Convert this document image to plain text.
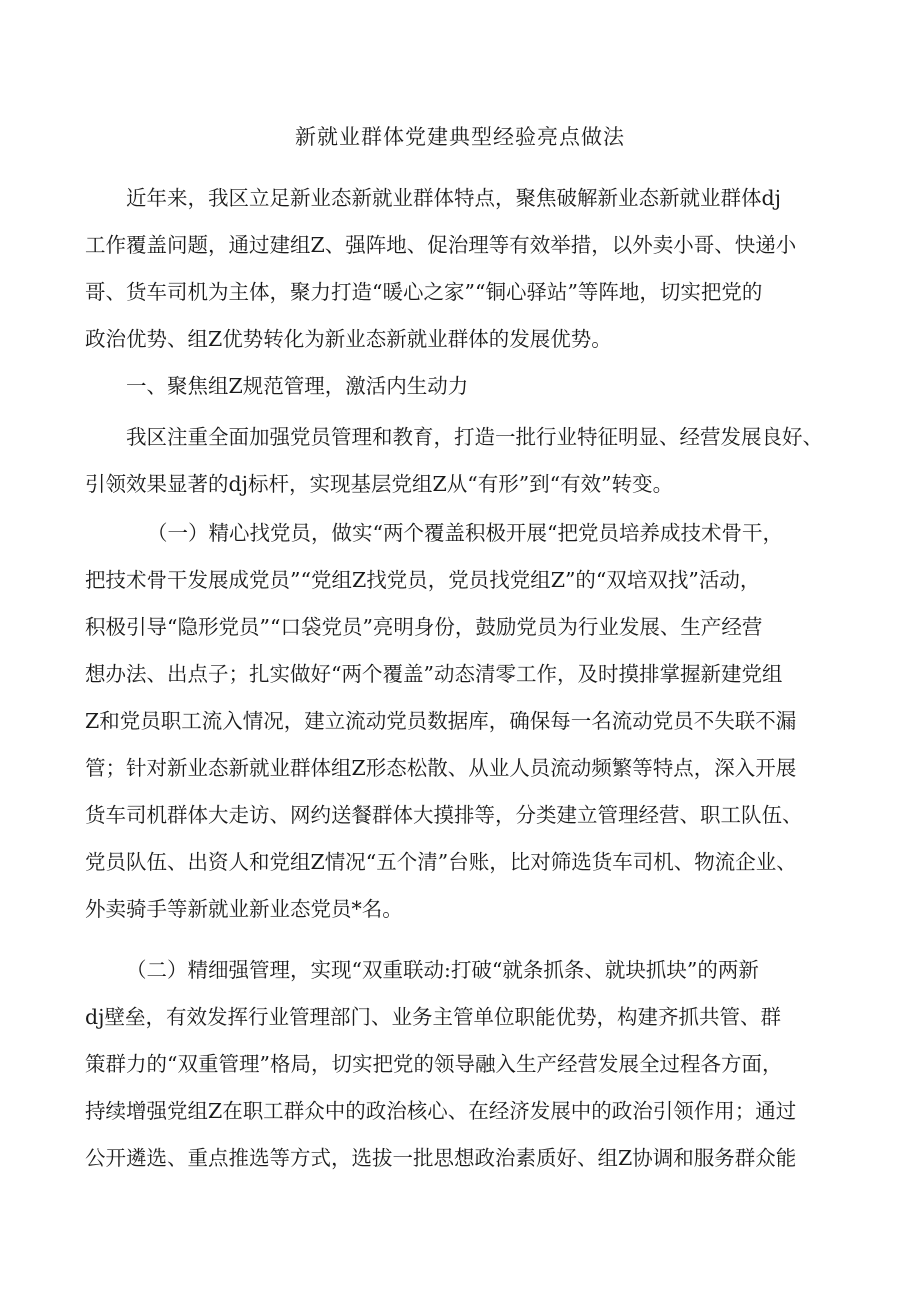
新就业群体党建典型经验亮点做法
近年来，我区立足新业态新就业群体特点，聚焦破解新业态新就业群体dj
工作覆盖问题，通过建组Z、强阵地、促治理等有效举措，以外卖小哥、快递小
哥、货车司机为主体，聚力打造“暖心之家”“铜心驿站”等阵地，切实把党的
政治优势、组Z优势转化为新业态新就业群体的发展优势。
一、聚焦组Z规范管理，激活内生动力
我区注重全面加强党员管理和教育，打造一批行业特征明显、经营发展良好、
引领效果显著的dj标杆，实现基层党组Z从“有形”到“有效”转变。
（一）精心找党员，做实“两个覆盖积极开展“把党员培养成技术骨干，
把技术骨干发展成党员”“党组Z找党员，党员找党组Z”的“双培双找”活动，
积极引导“隐形党员”“口袋党员”亮明身份，鼓励党员为行业发展、生产经营
想办法、出点子；扎实做好“两个覆盖”动态清零工作，及时摸排掌握新建党组
Z和党员职工流入情况，建立流动党员数据库，确保每一名流动党员不失联不漏
管；针对新业态新就业群体组Z形态松散、从业人员流动频繁等特点，深入开展
货车司机群体大走访、网约送餐群体大摸排等，分类建立管理经营、职工队伍、
党员队伍、出资人和党组Z情况“五个清”台账，比对筛选货车司机、物流企业、
外卖骑手等新就业新业态党员*名。
（二）精细强管理，实现“双重联动:打破“就条抓条、就块抓块”的两新
dj壁垒，有效发挥行业管理部门、业务主管单位职能优势，构建齐抓共管、群
策群力的“双重管理”格局，切实把党的领导融入生产经营发展全过程各方面，
持续增强党组Z在职工群众中的政治核心、在经济发展中的政治引领作用；通过
公开遴选、重点推选等方式，选拔一批思想政治素质好、组Z协调和服务群众能
